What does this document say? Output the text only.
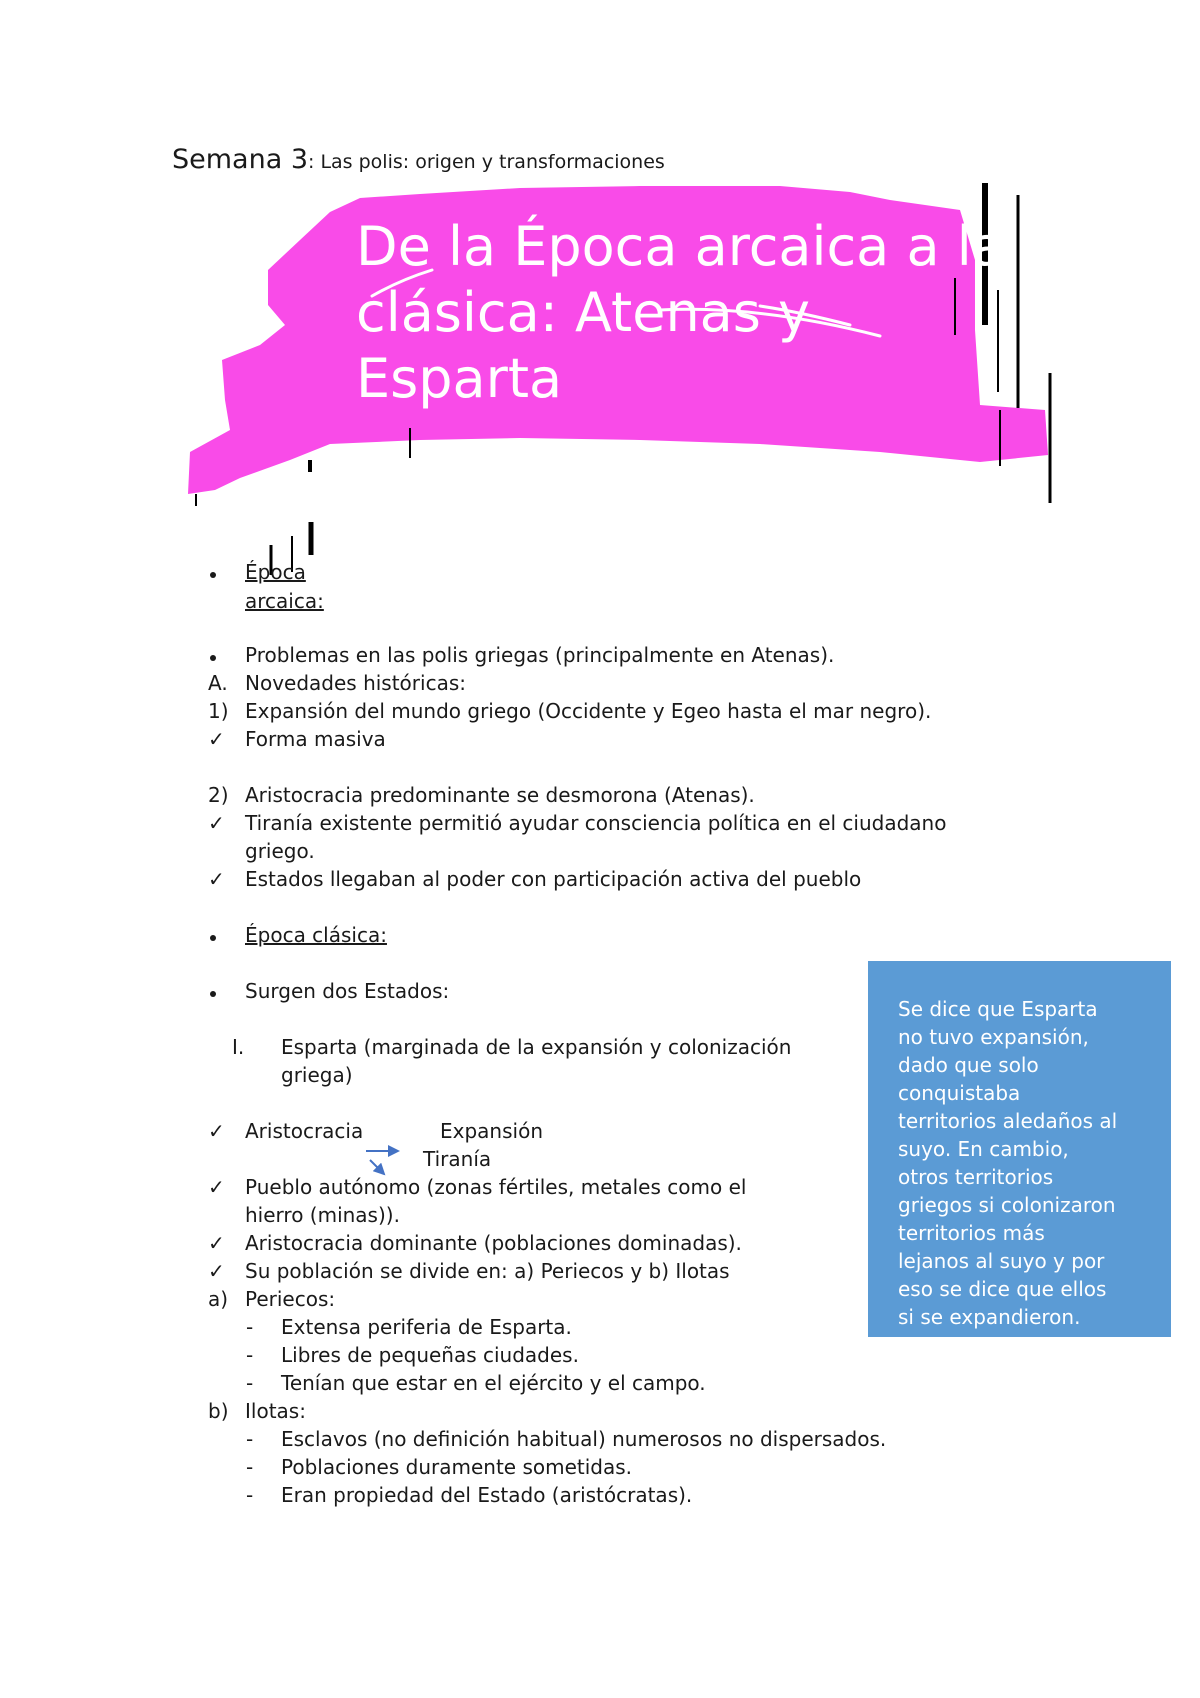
Semana 3: Las polis: origen y transformaciones
De la Época arcaica a la
clásica: Atenas y
Esparta
Época
arcaica:
Problemas en las polis griegas (principalmente en Atenas).
A. Novedades históricas:
1) Expansión del mundo griego (Occidente y Egeo hasta el mar negro).
✓ Forma masiva
2) Aristocracia predominante se desmorona (Atenas).
✓ Tiranía existente permitió ayudar consciencia política en el ciudadano
griego.
✓ Estados llegaban al poder con participación activa del pueblo
Época clásica:
Surgen dos Estados:
I. Esparta (marginada de la expansión y colonización
griega)
✓ Aristocracia	Expansión
Tiranía
✓ Pueblo autónomo (zonas fértiles, metales como el
hierro (minas)).
✓ Aristocracia dominante (poblaciones dominadas).
✓ Su población se divide en: a) Periecos y b) Ilotas
a) Periecos:
- Extensa periferia de Esparta.
- Libres de pequeñas ciudades.
- Tenían que estar en el ejército y el campo.
b) Ilotas:
- Esclavos (no definición habitual) numerosos no dispersados.
- Poblaciones duramente sometidas.
- Eran propiedad del Estado (aristócratas).

Se dice que Esparta

no tuvo expansión,

dado que solo

conquistaba

territorios aledaños al

suyo. En cambio,

otros territorios

griegos si colonizaron

territorios más

lejanos al suyo y por

eso se dice que ellos

si se expandieron.
